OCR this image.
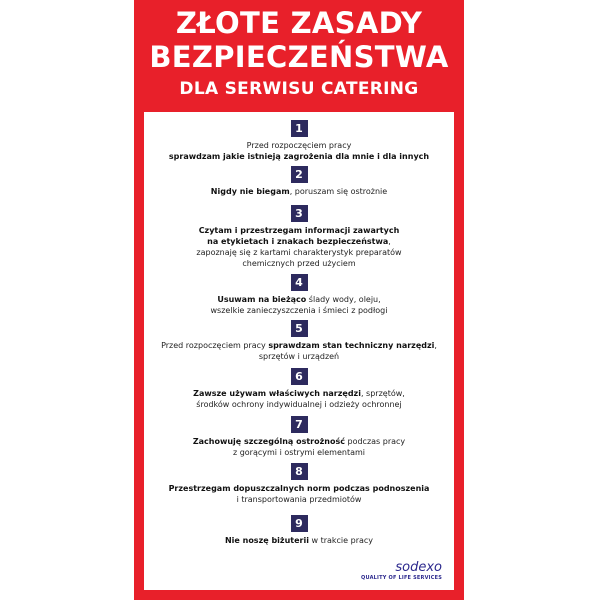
ZŁOTE ZASADY
BEZPIECZEŃSTWA
DLA SERWISU CATERING
1
Przed rozpoczęciem pracy
sprawdzam jakie istnieją zagrożenia dla mnie i dla innych
2
Nigdy nie biegam, poruszam się ostrożnie
3
Czytam i przestrzegam informacji zawartych
na etykietach i znakach bezpieczeństwa,
zapoznaję się z kartami charakterystyk preparatów
chemicznych przed użyciem
4
Usuwam na bieżąco ślady wody, oleju,
wszelkie zanieczyszczenia i śmieci z podłogi
5
Przed rozpoczęciem pracy sprawdzam stan techniczny narzędzi,
sprzętów i urządzeń
6
Zawsze używam właściwych narzędzi, sprzętów,
środków ochrony indywidualnej i odzieży ochronnej
7
Zachowuję szczególną ostrożność podczas pracy
z gorącymi i ostrymi elementami
8
Przestrzegam dopuszczalnych norm podczas podnoszenia
i transportowania przedmiotów
9
Nie noszę biżuterii w trakcie pracy
sodexo
QUALITY OF LIFE SERVICES
